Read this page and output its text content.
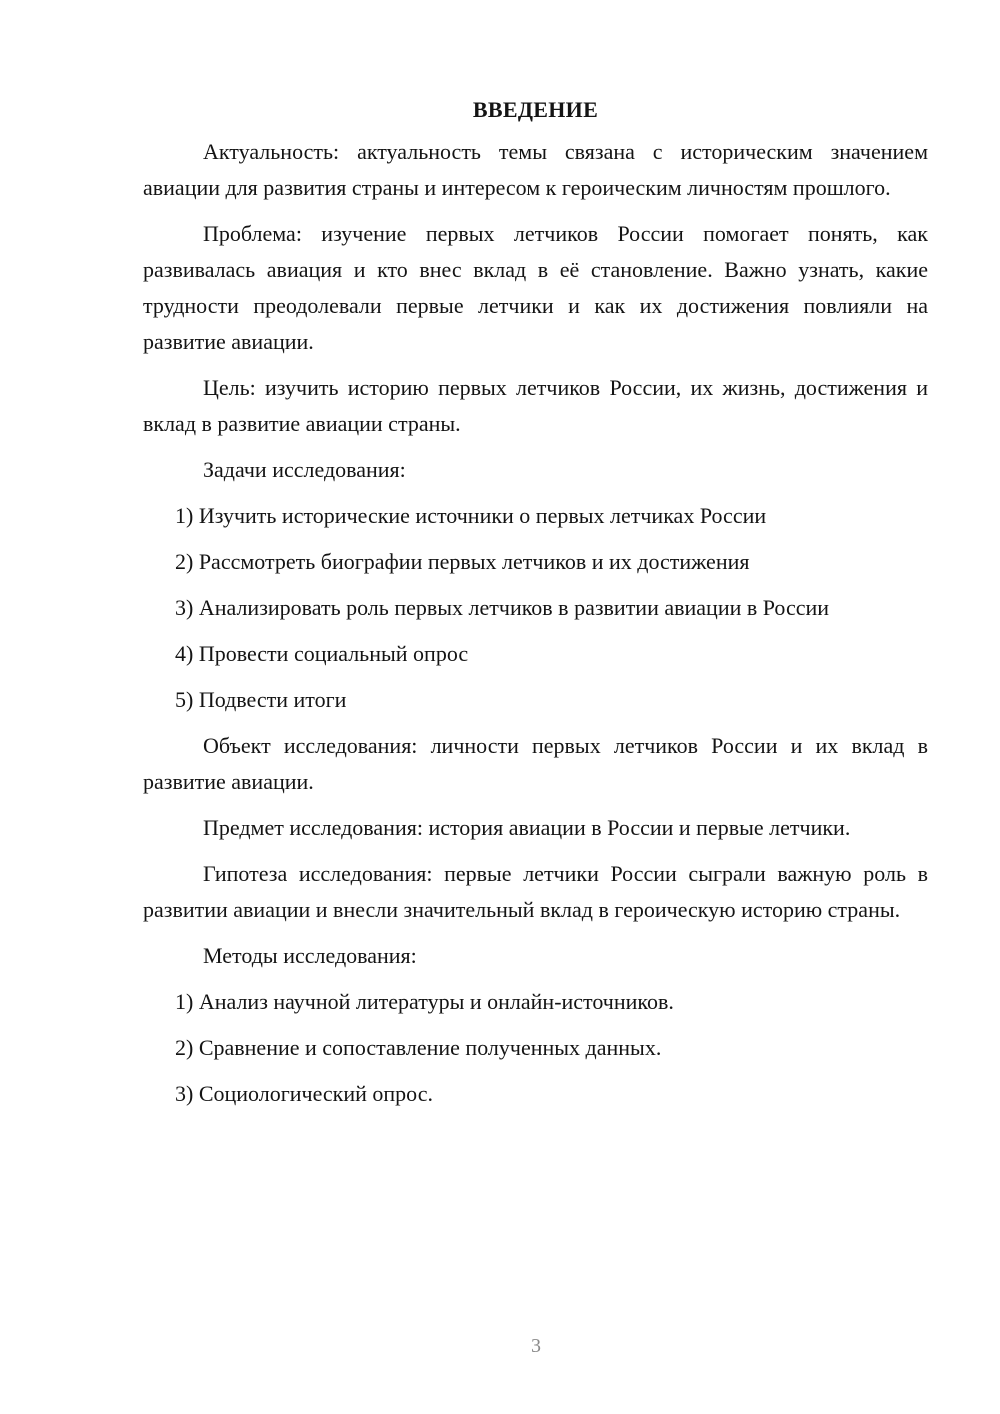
ВВЕДЕНИЕ

Актуальность: актуальность темы связана с историческим значением авиации для развития страны и интересом к героическим личностям прошлого.

Проблема: изучение первых летчиков России помогает понять, как развивалась авиация и кто внес вклад в её становление. Важно узнать, какие трудности преодолевали первые летчики и как их достижения повлияли на развитие авиации.

Цель: изучить историю первых летчиков России, их жизнь, достижения и вклад в развитие авиации страны.

Задачи исследования:

1) Изучить исторические источники о первых летчиках России
2) Рассмотреть биографии первых летчиков и их достижения
3) Анализировать роль первых летчиков в развитии авиации в России
4) Провести социальный опрос
5) Подвести итоги

Объект исследования: личности первых летчиков России и их вклад в развитие авиации.

Предмет исследования: история авиации в России и первые летчики.

Гипотеза исследования: первые летчики России сыграли важную роль в развитии авиации и внесли значительный вклад в героическую историю страны.

Методы исследования:

1) Анализ научной литературы и онлайн-источников.
2) Сравнение и сопоставление полученных данных.
3) Социологический опрос.
3
